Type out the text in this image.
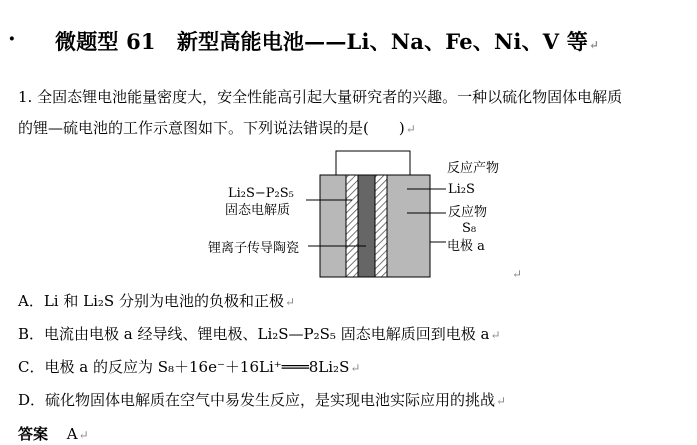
· 微题型 61　新型高能电池——Li、Na、Fe、Ni、V 等↵
1. 全固态锂电池能量密度大，安全性能高引起大量研究者的兴趣。一种以硫化物固体电解质
的锂—硫电池的工作示意图如下。下列说法错误的是(　　)↵
Li₂S−P₂S₅
固态电解质
锂离子传导陶瓷
反应产物
Li₂S
反应物
S₈
电极 a
↵
A．Li 和 Li₂S 分别为电池的负极和正极↵
B．电流由电极 a 经导线、锂电极、Li₂S—P₂S₅ 固态电解质回到电极 a↵
C．电极 a 的反应为 S₈＋16e⁻＋16Li⁺═══8Li₂S↵
D．硫化物固体电解质在空气中易发生反应，是实现电池实际应用的挑战↵
答案 A↵
